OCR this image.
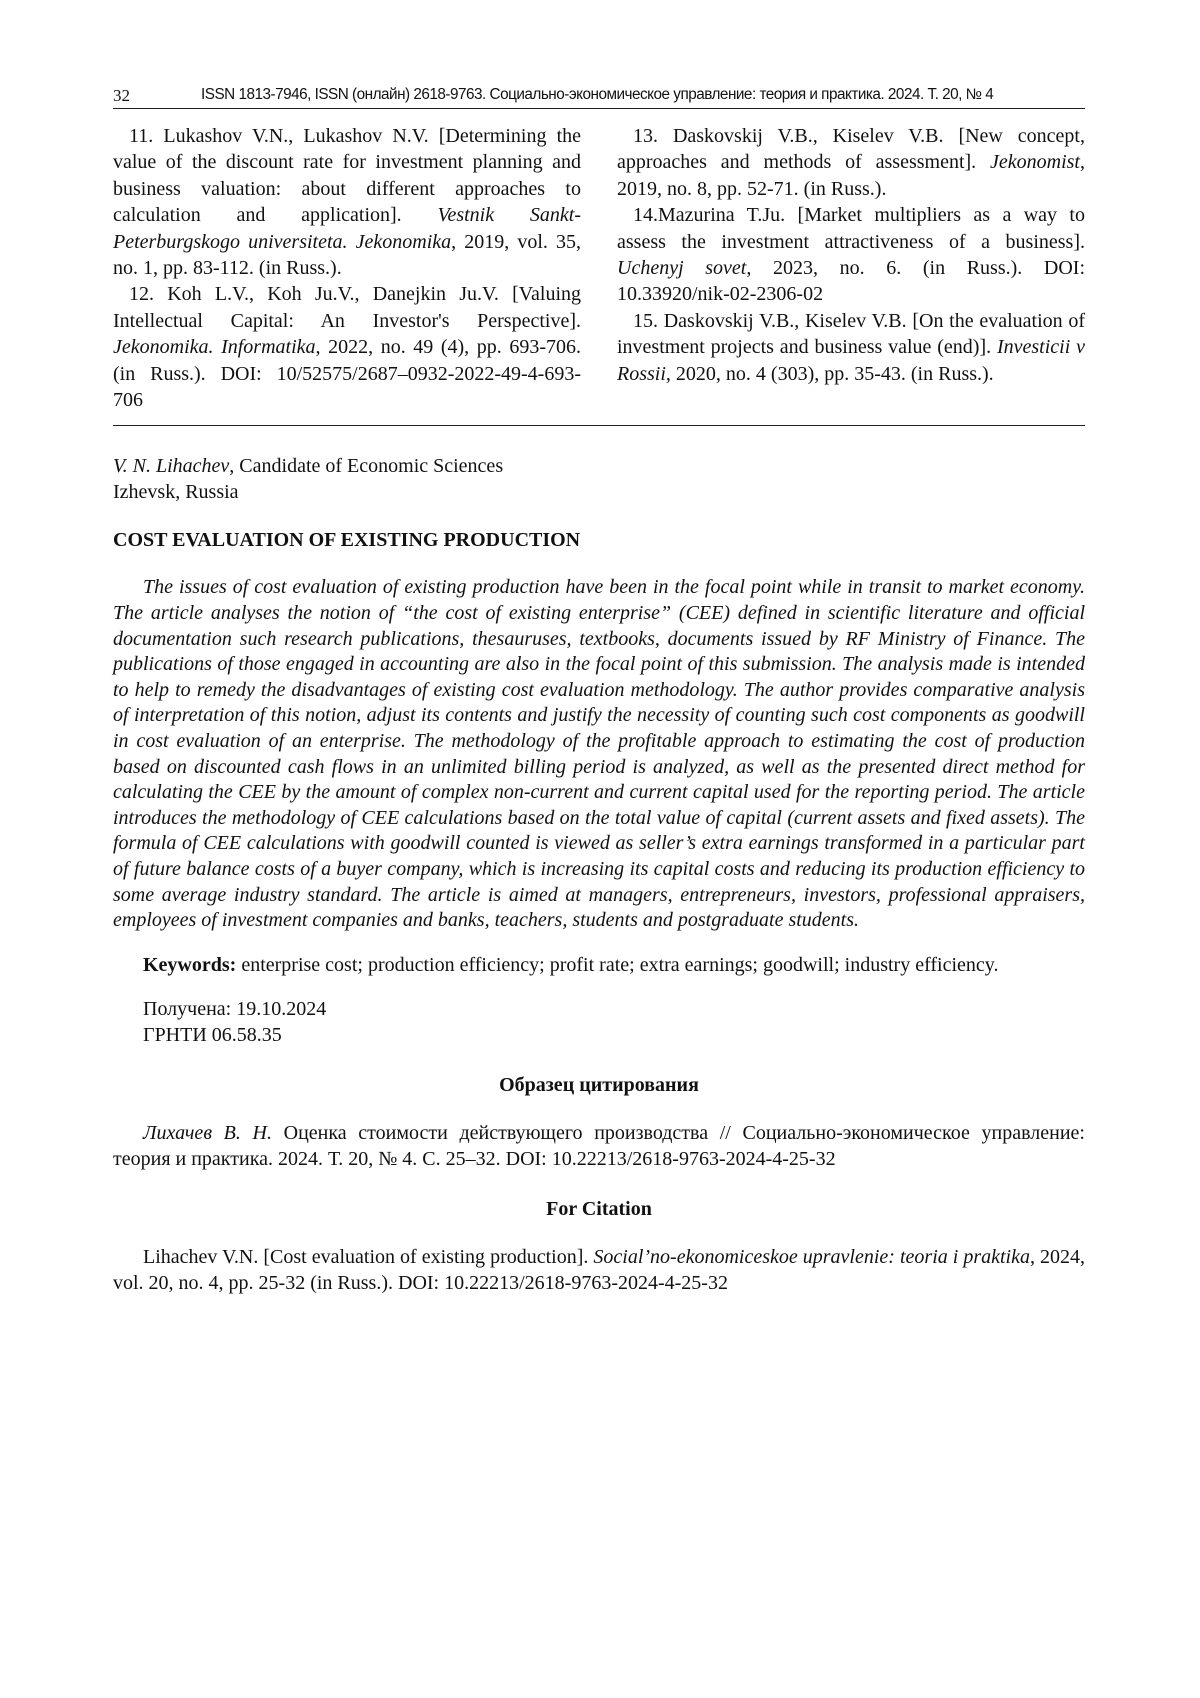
32	ISSN 1813-7946, ISSN (онлайн) 2618-9763. Социально-экономическое управление: теория и практика. 2024. Т. 20, № 4

11. Lukashov V.N., Lukashov N.V. [Determining the value of the discount rate for investment planning and business valuation: about different approaches to calculation and application]. Vestnik Sankt-Peterburgskogo universiteta. Jekonomika, 2019, vol. 35, no. 1, pp. 83-112. (in Russ.).

12. Koh L.V., Koh Ju.V., Danejkin Ju.V. [Valuing Intellectual Capital: An Investor's Perspective]. Jekonomika. Informatika, 2022, no. 49 (4), pp. 693-706. (in Russ.). DOI: 10/52575/2687–0932-2022-49-4-693-706

13. Daskovskij V.B., Kiselev V.B. [New concept, approaches and methods of assessment]. Jekonomist, 2019, no. 8, pp. 52-71. (in Russ.).

14.Mazurina T.Ju. [Market multipliers as a way to assess the investment attractiveness of a business]. Uchenyj sovet, 2023, no. 6. (in Russ.). DOI: 10.33920/nik-02-2306-02

15. Daskovskij V.B., Kiselev V.B. [On the evaluation of investment projects and business value (end)]. Investicii v Rossii, 2020, no. 4 (303), pp. 35-43. (in Russ.).

V. N. Lihachev, Candidate of Economic Sciences
Izhevsk, Russia
COST EVALUATION OF EXISTING PRODUCTION

The issues of cost evaluation of existing production have been in the focal point while in transit to market economy. The article analyses the notion of “the cost of existing enterprise” (CEE) defined in scientific literature and official documentation such research publications, thesauruses, textbooks, documents issued by RF Ministry of Finance. The publications of those engaged in accounting are also in the focal point of this submission. The analysis made is intended to help to remedy the disadvantages of existing cost evaluation methodology. The author provides comparative analysis of interpretation of this notion, adjust its contents and justify the necessity of counting such cost components as goodwill in cost evaluation of an enterprise. The methodology of the profitable approach to estimating the cost of production based on discounted cash flows in an unlimited billing period is analyzed, as well as the presented direct method for calculating the CEE by the amount of complex non-current and current capital used for the reporting period. The article introduces the methodology of CEE calculations based on the total value of capital (current assets and fixed assets). The formula of CEE calculations with goodwill counted is viewed as seller’s extra earnings transformed in a particular part of future balance costs of a buyer company, which is increasing its capital costs and reducing its production efficiency to some average industry standard. The article is aimed at managers, entrepreneurs, investors, professional appraisers, employees of investment companies and banks, teachers, students and postgraduate students.

Keywords: enterprise cost; production efficiency; profit rate; extra earnings; goodwill; industry efficiency.

Получена: 19.10.2024
ГРНТИ 06.58.35
Образец цитирования

Лихачев В. Н. Оценка стоимости действующего производства // Социально-экономическое управление: теория и практика. 2024. Т. 20, № 4. С. 25–32. DOI: 10.22213/2618-9763-2024-4-25-32

For Citation

Lihachev V.N. [Cost evaluation of existing production]. Social’no-ekonomiceskoe upravlenie: teoria i praktika, 2024, vol. 20, no. 4, pp. 25-32 (in Russ.). DOI: 10.22213/2618-9763-2024-4-25-32
